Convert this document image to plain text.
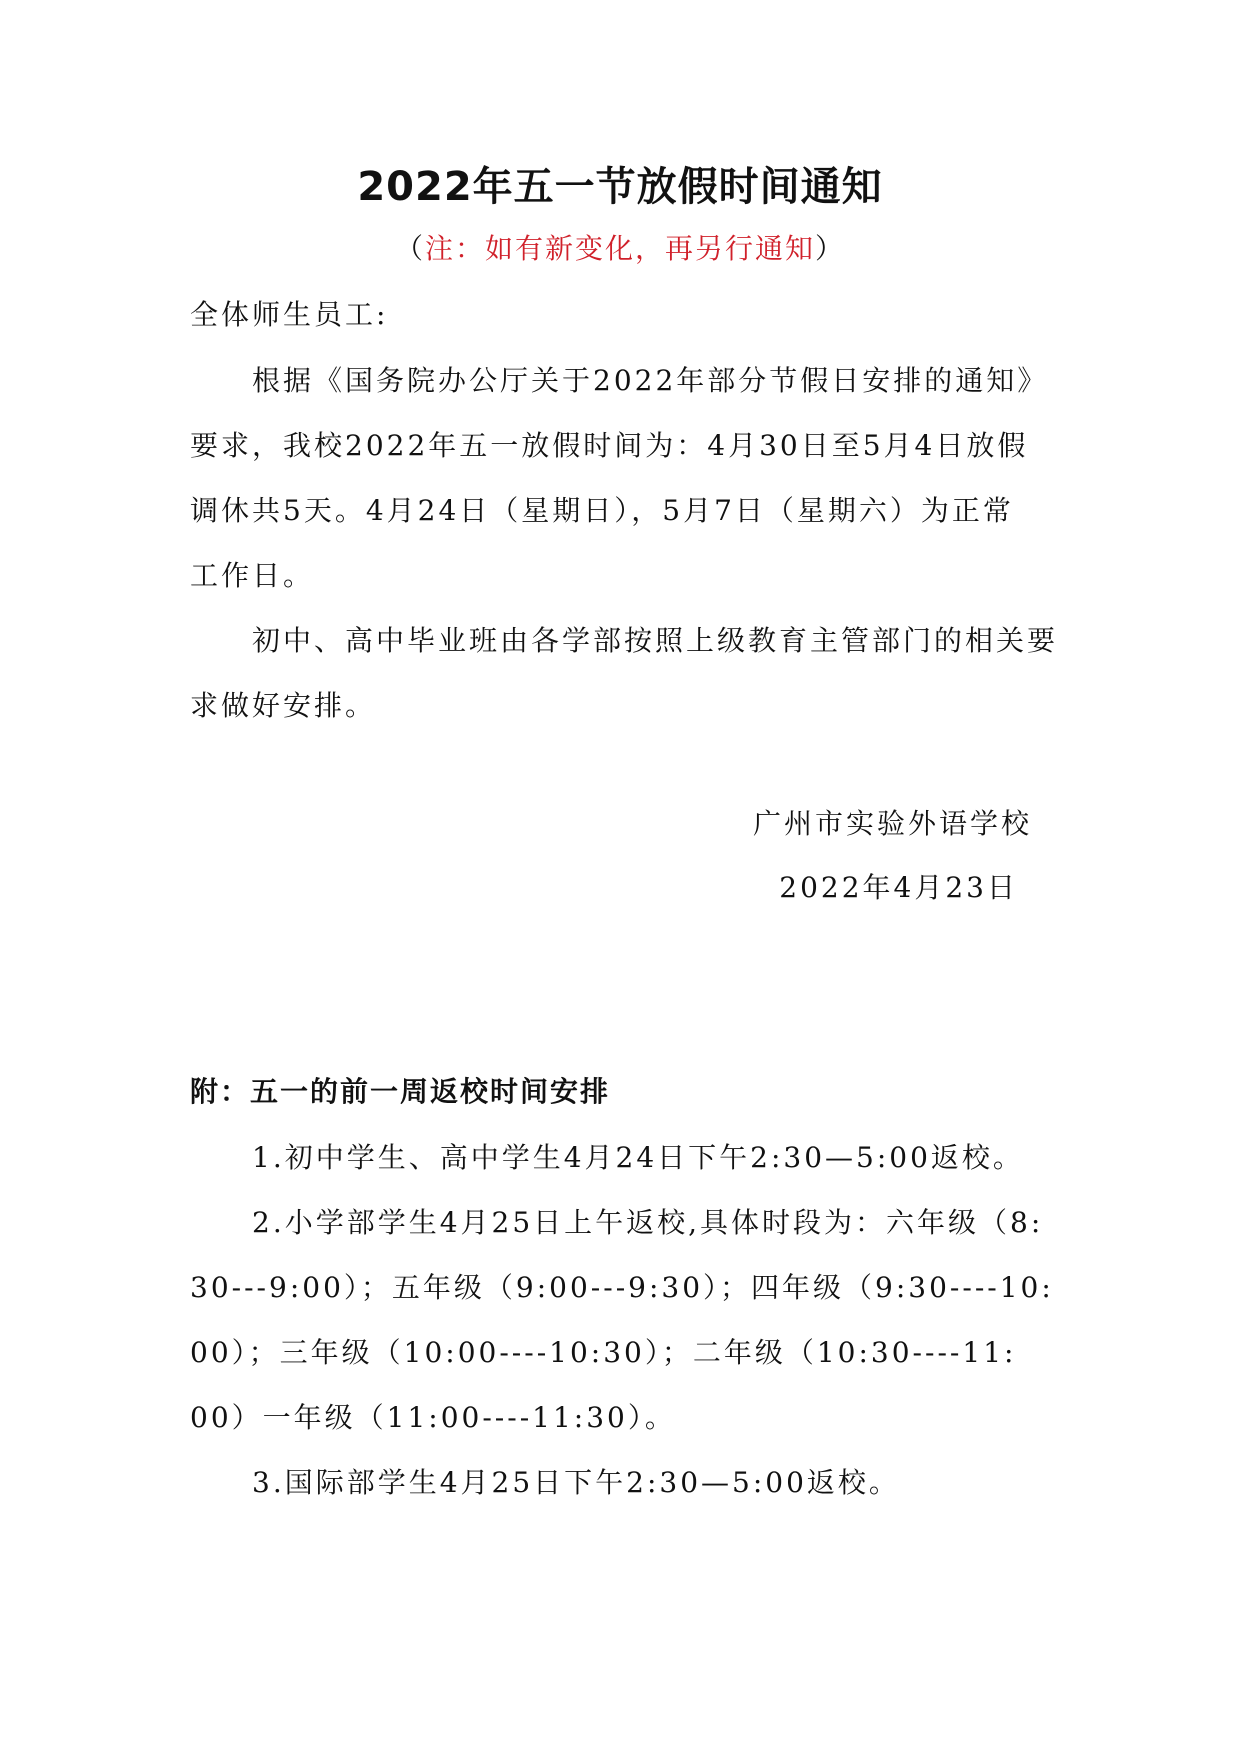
2022年五一节放假时间通知
（注：如有新变化，再另行通知）

全体师生员工:

根据《国务院办公厅关于2022年部分节假日安排的通知》
要求，我校2022年五一放假时间为：4月30日至5月4日放假
调休共5天。4月24日（星期日），5月7日（星期六）为正常
工作日。
初中、高中毕业班由各学部按照上级教育主管部门的相关要
求做好安排。
广州市实验外语学校
2022年4月23日
附：五一的前一周返校时间安排
1.初中学生、高中学生4月24日下午2:30—5:00返校。
2.小学部学生4月25日上午返校,具体时段为：六年级（8:
30---9:00）；五年级（9:00---9:30）；四年级（9:30----10:
00）；三年级（10:00----10:30）；二年级（10:30----11:
00）一年级（11:00----11:30）。
3.国际部学生4月25日下午2:30—5:00返校。
